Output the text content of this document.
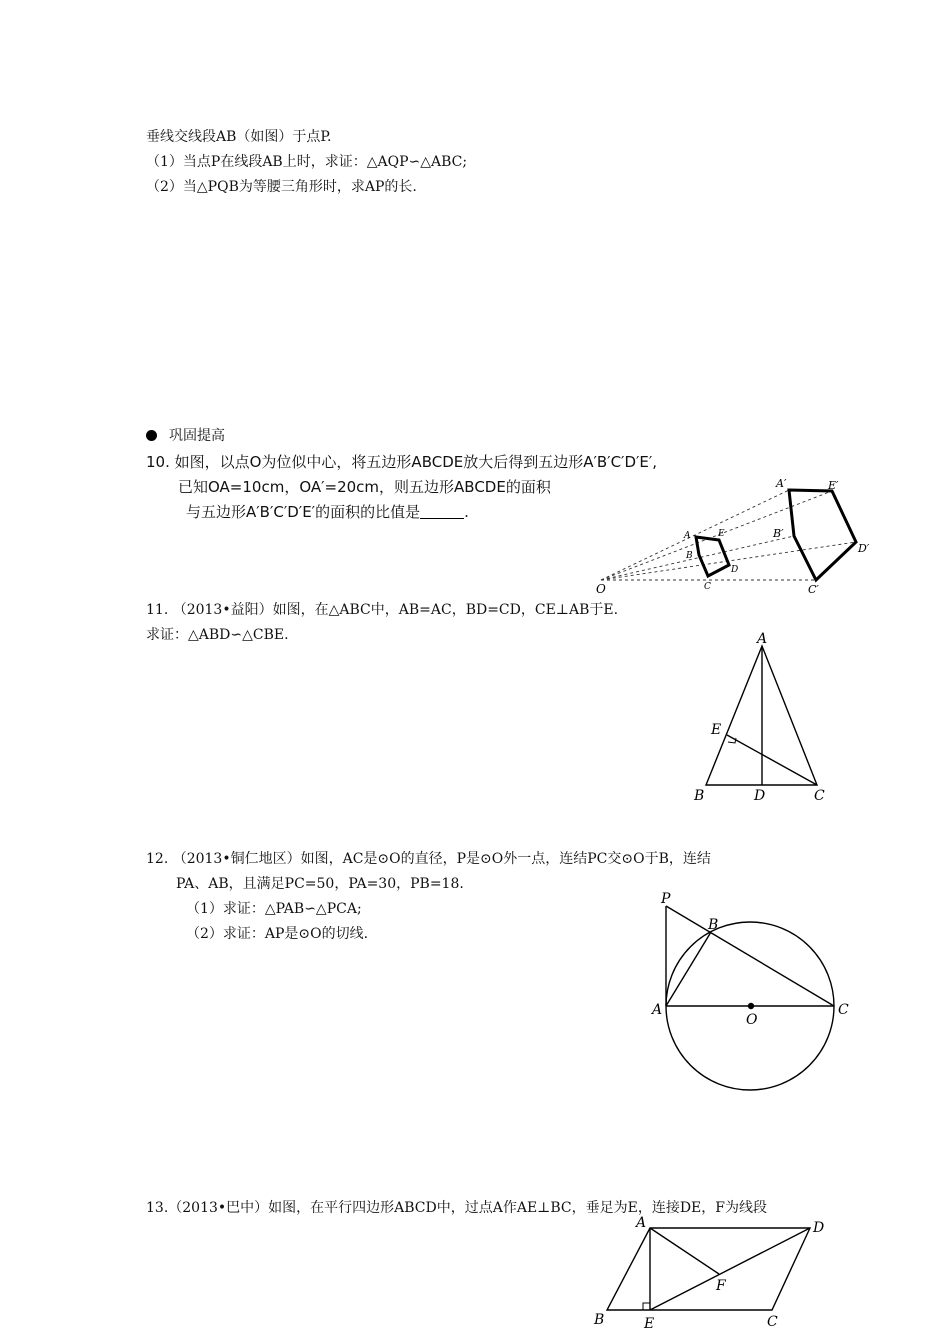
垂线交线段AB（如图）于点P.
（1）当点P在线段AB上时，求证：△AQP∽△ABC;
（2）当△PQB为等腰三角形时，求AP的长.
巩固提高
10. 如图，以点O为位似中心，将五边形ABCDE放大后得到五边形A′B′C′D′E′,
已知OA=10cm，OA′=20cm，则五边形ABCDE的面积
与五边形A′B′C′D′E′的面积的比值是	.
O
A
B
C
D
E
A′
B′
C′
D′
E′
11. （2013•益阳）如图，在△ABC中，AB=AC，BD=CD，CE⊥AB于E.
求证：△ABD∽△CBE.	A
B	C
D
E
12. （2013•铜仁地区）如图，AC是⊙O的直径，P是⊙O外一点，连结PC交⊙O于B，连结
PA、AB，且满足PC=50，PA=30，PB=18.
（1）求证：△PAB∽△PCA;
（2）求证：AP是⊙O的切线.
P
B
A	C
O
13.（2013•巴中）如图，在平行四边形ABCD中，过点A作AE⊥BC，垂足为E，连接DE，F为线段
A	D
F
B	E	C
